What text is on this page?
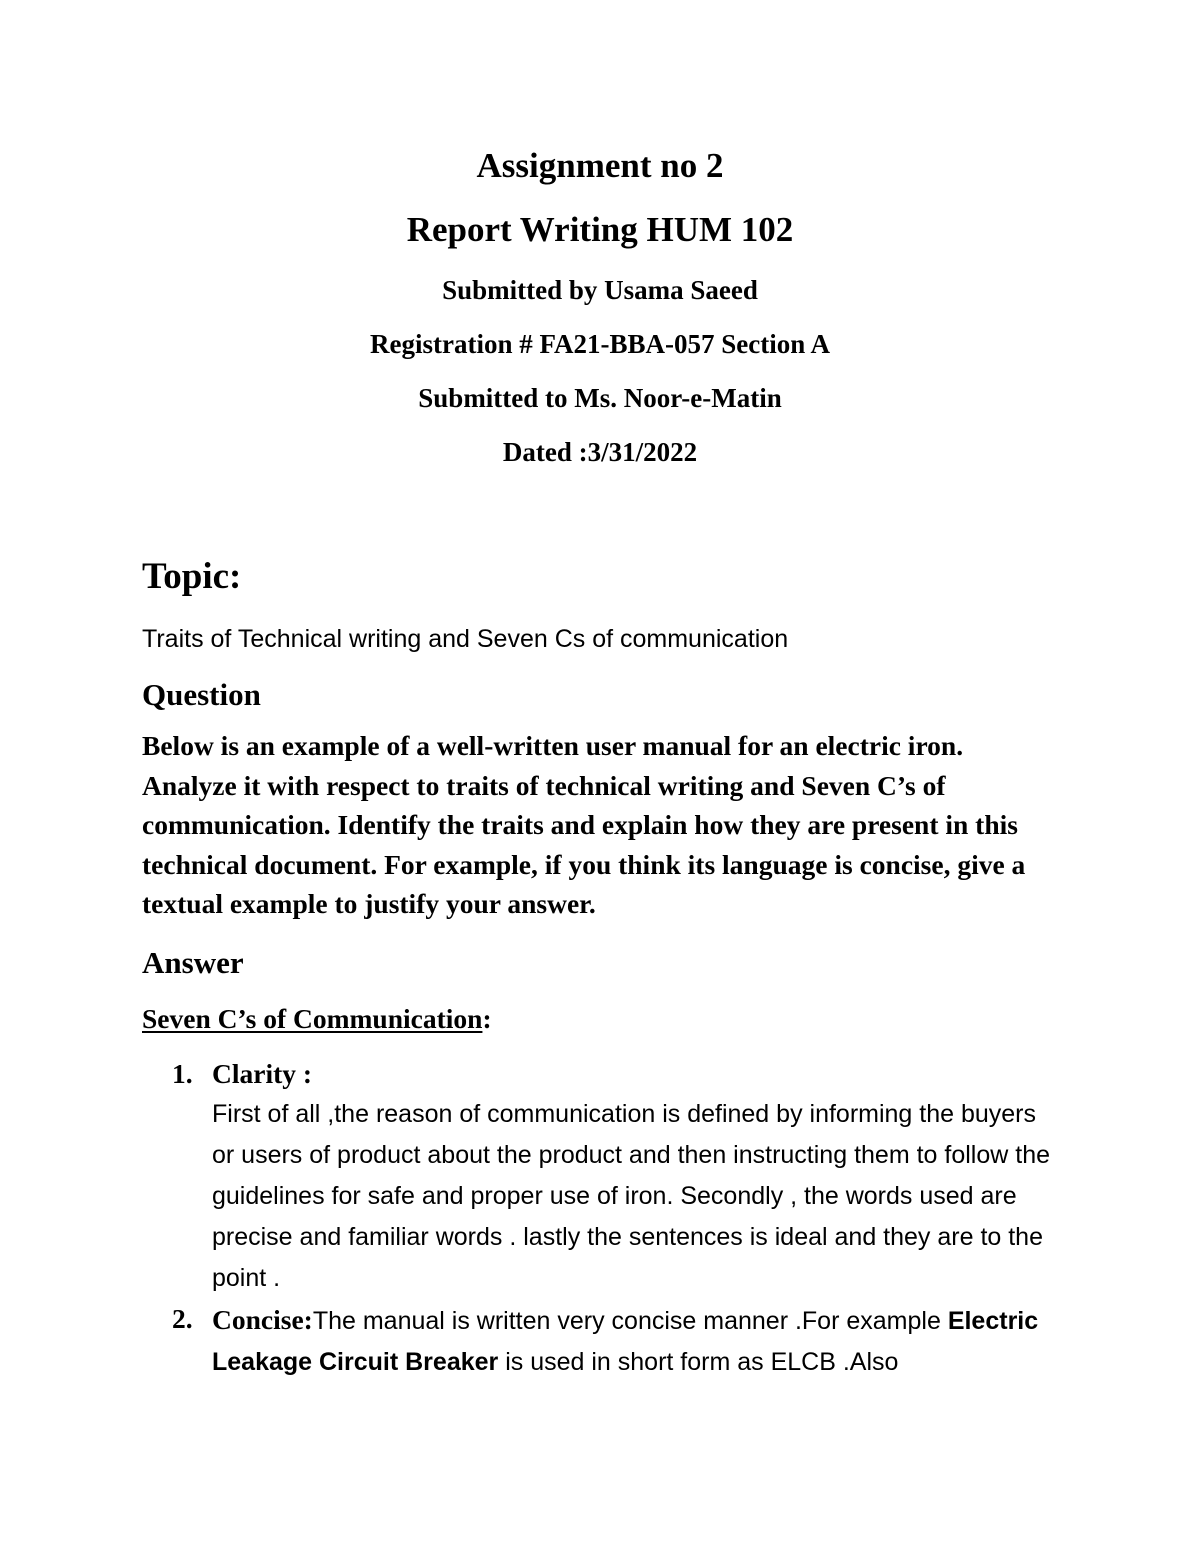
Assignment no 2
Report Writing HUM 102
Submitted by Usama Saeed
Registration # FA21-BBA-057 Section A
Submitted to Ms. Noor-e-Matin
Dated :3/31/2022
Topic:
Traits of Technical writing and Seven Cs of communication
Question
Below is an example of a well-written user manual for an electric iron. Analyze it with respect to traits of technical writing and Seven C’s of communication. Identify the traits and explain how they are present in this technical document. For example, if you think its language is concise, give a textual example to justify your answer.
Answer
Seven C’s of Communication:
1. Clarity :
First of all ,the reason of communication is defined by informing the buyers or users of product about the product and then instructing them to follow the guidelines for safe and proper use of iron. Secondly , the words used are precise and familiar words . lastly the sentences is ideal and they are to the point .
2. Concise:The manual is written very concise manner .For example Electric Leakage Circuit Breaker is used in short form as ELCB .Also
